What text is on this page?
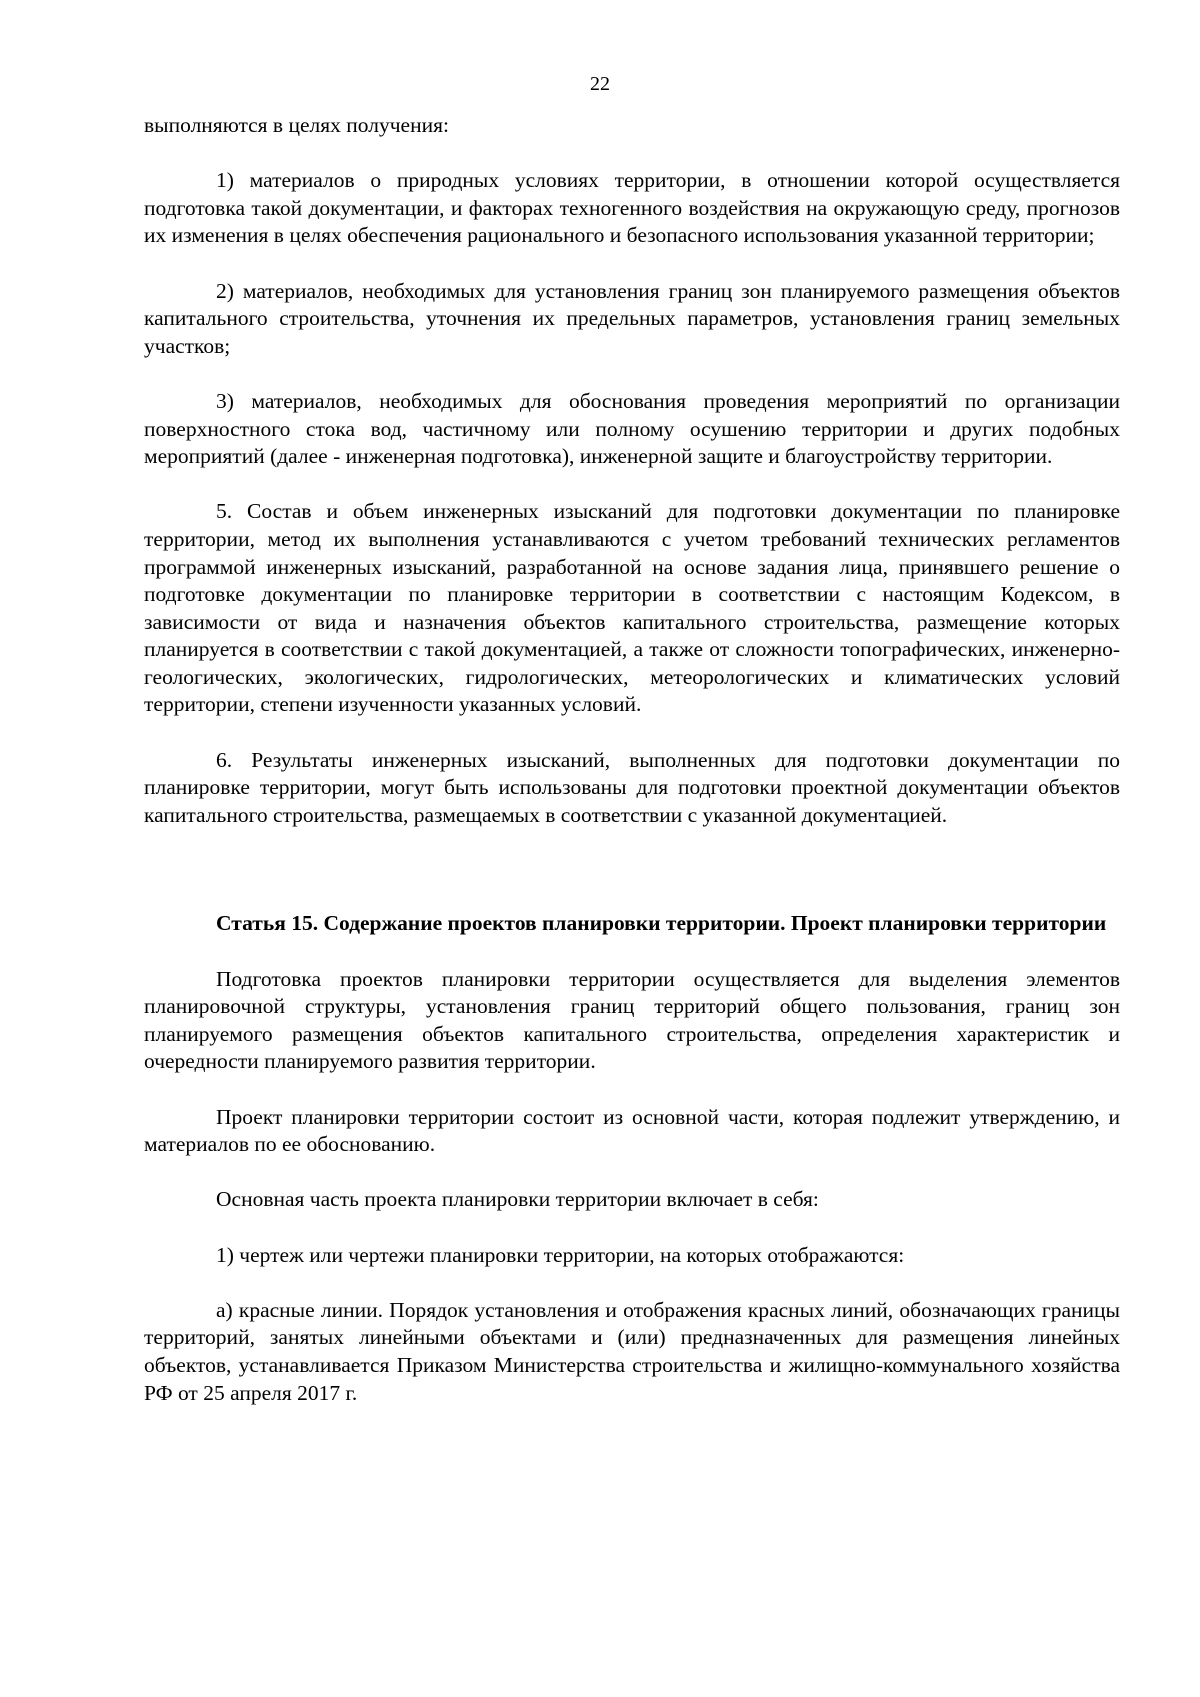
22

выполняются в целях получения:

1) материалов о природных условиях территории, в отношении которой осуществляется подготовка такой документации, и факторах техногенного воздействия на окружающую среду, прогнозов их изменения в целях обеспечения рационального и безопасного использования указанной территории;

2) материалов, необходимых для установления границ зон планируемого размещения объектов капитального строительства, уточнения их предельных параметров, установления границ земельных участков;

3) материалов, необходимых для обоснования проведения мероприятий по организации поверхностного стока вод, частичному или полному осушению территории и других подобных мероприятий (далее - инженерная подготовка), инженерной защите и благоустройству территории.

5. Состав и объем инженерных изысканий для подготовки документации по планировке территории, метод их выполнения устанавливаются с учетом требований технических регламентов программой инженерных изысканий, разработанной на основе задания лица, принявшего решение о подготовке документации по планировке территории в соответствии с настоящим Кодексом, в зависимости от вида и назначения объектов капитального строительства, размещение которых планируется в соответствии с такой документацией, а также от сложности топографических, инженерно-геологических, экологических, гидрологических, метеорологических и климатических условий территории, степени изученности указанных условий.

6. Результаты инженерных изысканий, выполненных для подготовки документации по планировке территории, могут быть использованы для подготовки проектной документации объектов капитального строительства, размещаемых в соответствии с указанной документацией.

Статья 15. Содержание проектов планировки территории. Проект планировки территории

Подготовка проектов планировки территории осуществляется для выделения элементов планировочной структуры, установления границ территорий общего пользования, границ зон планируемого размещения объектов капитального строительства, определения характеристик и очередности планируемого развития территории.

Проект планировки территории состоит из основной части, которая подлежит утверждению, и материалов по ее обоснованию.

Основная часть проекта планировки территории включает в себя:

1) чертеж или чертежи планировки территории, на которых отображаются:

а) красные линии. Порядок установления и отображения красных линий, обозначающих границы территорий, занятых линейными объектами и (или) предназначенных для размещения линейных объектов, устанавливается Приказом Министерства строительства и жилищно-коммунального хозяйства РФ от 25 апреля 2017 г.
